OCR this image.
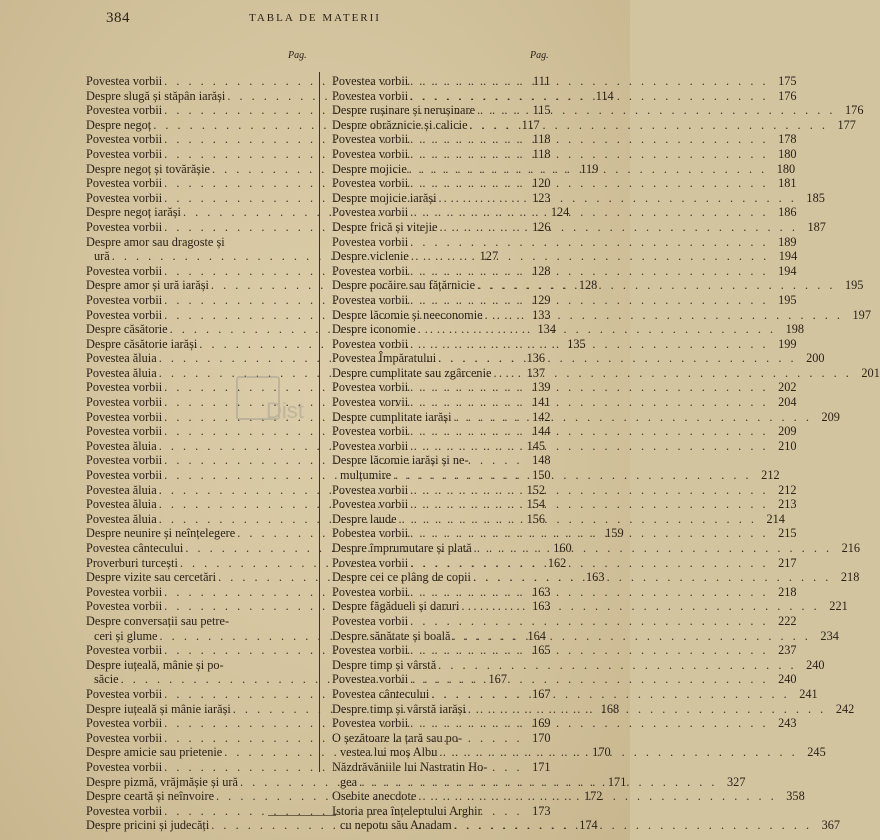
384	TABLA DE MATERII
Pag.	Pag.
Povestea vorbii . . .	111
Despre slugă și stăpân iarăși . . .	114
Povestea vorbii . . .	115
Despre negoț . . .	117
Povestea vorbii . . .	118
Povestea vorbii . . .	118
Despre negoț și tovărășie . . .	119
Povestea vorbii . . .	120
Povestea vorbii . . .	123
Despre negoț iarăși . . .	124
Povestea vorbii . . .	126
Despre amor sau dragoste și
ură . . .	127
Povestea vorbii . . .	128
Despre amor și ură iarăși . . .	128
Povestea vorbii . . .	129
Povestea vorbii . . .	133
Despre căsătorie . . .	134
Despre căsătorie iarăși . . .	135
Povestea ăluia . . .	136
Povestea ăluia . . .	137
Povestea vorbii . . .	139
Povestea vorbii . . .	141
Povestea vorbii . . .	142
Povestea vorbii . . .	144
Povestea ăluia . . .	145
Povestea vorbii . . .	148
Povestea vorbii . . .	150
Povestea ăluia . . .	152
Povestea ăluia . . .	154
Povestea ăluia . . .	156
Despre neunire și neînțelegere . . .	159
Povestea cântecului . . .	160
Proverburi turcești . . .	162
Despre vizite sau cercetări . . .	163
Povestea vorbii . . .	163
Povestea vorbii . . .	163
Despre conversații sau petre-
ceri și glume . . .	164
Povestea vorbii . . .	165
Despre iuțeală, mânie și po-
săcie . . .	167
Povestea vorbii . . .	167
Despre iuțeală și mânie iarăși . . .	168
Povestea vorbii . . .	169
Povestea vorbii . . .	170
Despre amicie sau prietenie . . .	170
Povestea vorbii . . .	171
Despre pizmă, vrăjmășie și ură . . .	171
Despre ceartă și neînvoire . . .	172
Povestea vorbii . . .	173
Despre pricini și judecăți . . .	174
Povestea vorbii . . .	175
Povestea vorbii . . .	176
Despre rușinare și nerușinare . . .	176
Despre obrăznicie și calicie . . .	177
Povestea vorbii . . .	178
Povestea vorbii . . .	180
Despre mojicie . . .	180
Povestea vorbii . . .	181
Despre mojicie iarăși . . .	185
Povestea vorbii . . .	186
Despre frică și vitejie . . .	187
Povestea vorbii . . .	189
Despre viclenie . . .	194
Povestea vorbii . . .	194
Despre pocăire sau fățărnicie . . .	195
Povestea vorbii . . .	195
Despre lăcomie și neeconomie . . .	197
Despre iconomie . . .	198
Povestea vorbii . . .	199
Povestea Împăratului . . .	200
Despre cumplitate sau zgârcenie . . .	201
Povestea vorbii . . .	202
Povestea vorvii . . .	204
Despre cumplitate iarăși . . .	209
Povestea vorbii . . .	209
Povestea vorbii . . .	210
Despre lăcomie iarăși și ne-
mulțumire . . .	212
Povestea vorbii . . .	212
Povestea vorbii . . .	213
Despre laude . . .	214
Pobestea vorbii . . .	215
Despre împrumutare și plată . . .	216
Povestea vorbii . . .	217
Despre cei ce plâng de copii . . .	218
Povestea vorbii . . .	218
Despre făgăduelі și daruri . . .	221
Povestea vorbii . . .	222
Despre sănătate și boală . . .	234
Povestea vorbii . . .	237
Despre timp și vârstă . . .	240
Povestea vorbii . . .	240
Povestea cântecului . . .	241
Despre timp și vârstă iarăși . . .	242
Povestea vorbii . . .	243
O șezătoare la țară sau po-
vestea lui moș Albu . . .	245
Năzdrăvăniile lui Nastratin Ho-
gea . . .	327
Osebite anecdote . . .	358
Istoria prea înțeleptului Arghir
cu nepotu său Anadam . . .	367
Dist
